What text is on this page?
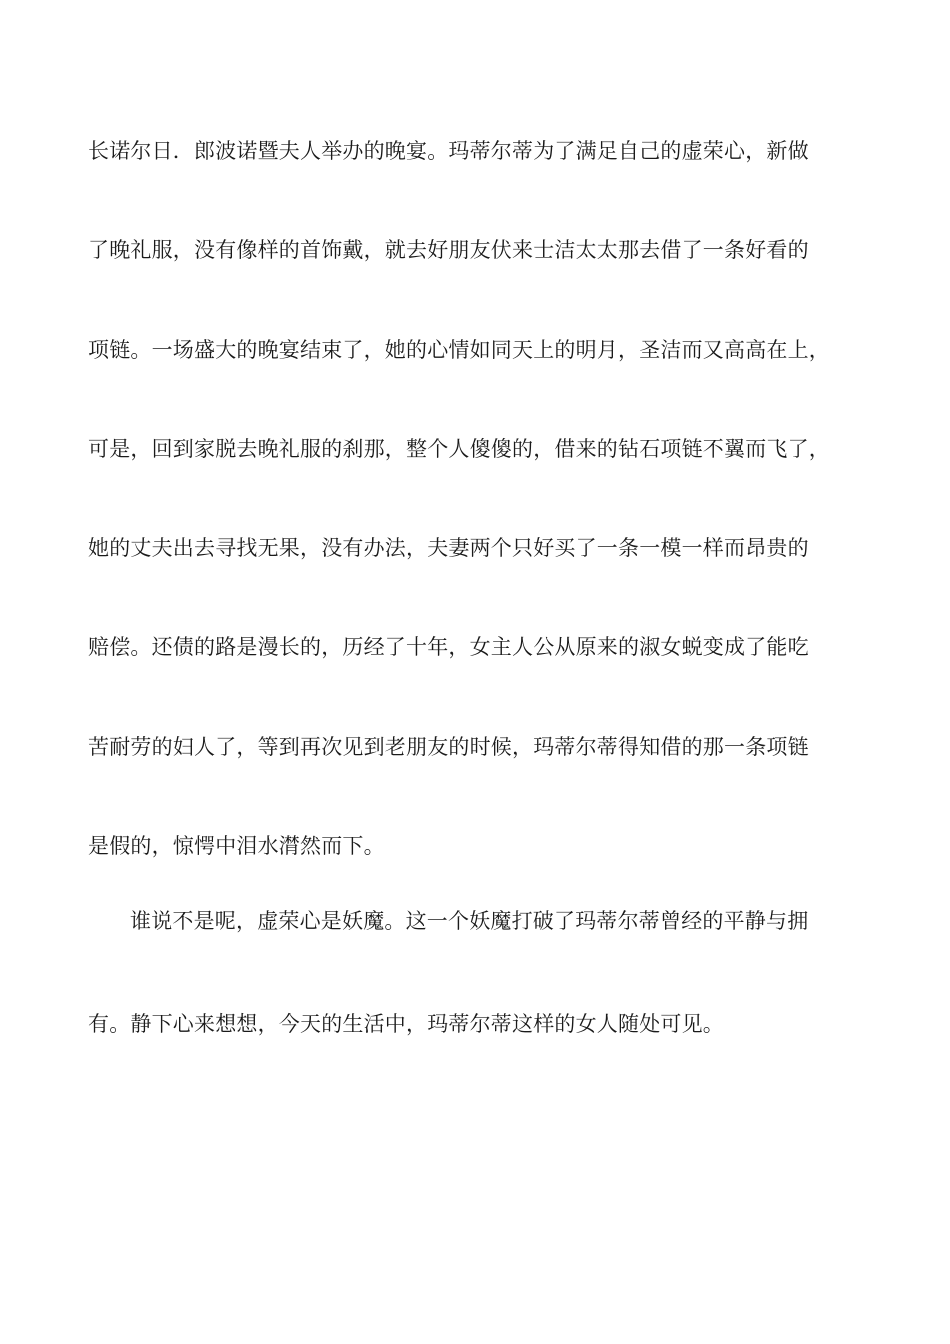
长诺尔日．郎波诺暨夫人举办的晚宴。玛蒂尔蒂为了满足自己的虚荣心，新做
了晚礼服，没有像样的首饰戴，就去好朋友伏来士洁太太那去借了一条好看的
项链。一场盛大的晚宴结束了，她的心情如同天上的明月，圣洁而又高高在上，
可是，回到家脱去晚礼服的刹那，整个人傻傻的，借来的钻石项链不翼而飞了，
她的丈夫出去寻找无果，没有办法，夫妻两个只好买了一条一模一样而昂贵的
赔偿。还债的路是漫长的，历经了十年，女主人公从原来的淑女蜕变成了能吃
苦耐劳的妇人了，等到再次见到老朋友的时候，玛蒂尔蒂得知借的那一条项链
是假的，惊愕中泪水潸然而下。
谁说不是呢，虚荣心是妖魔。这一个妖魔打破了玛蒂尔蒂曾经的平静与拥
有。静下心来想想，今天的生活中，玛蒂尔蒂这样的女人随处可见。
